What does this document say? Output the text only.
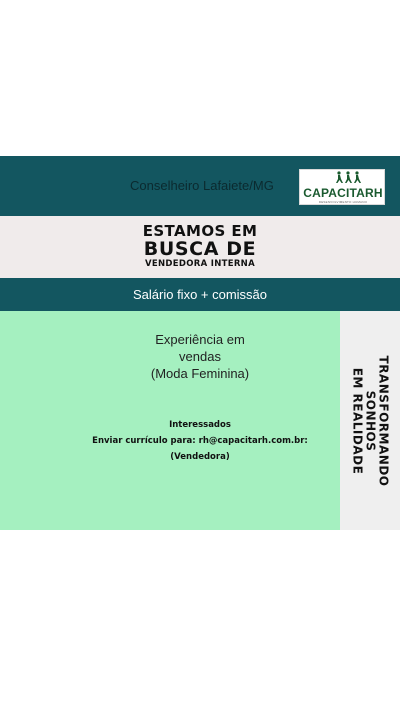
Conselheiro Lafaiete/MG CAPACITARH
DESENVOLVIMENTO HUMANO
ESTAMOS EM
BUSCA DE
VENDEDORA INTERNA
Salário fixo + comissão
Experiência em
vendas
(Moda Feminina)
Interessados
Enviar currículo para: rh@capacitarh.com.br:
(Vendedora)	TRANSFORMANDO
SONHOS
EM REALIDADE
